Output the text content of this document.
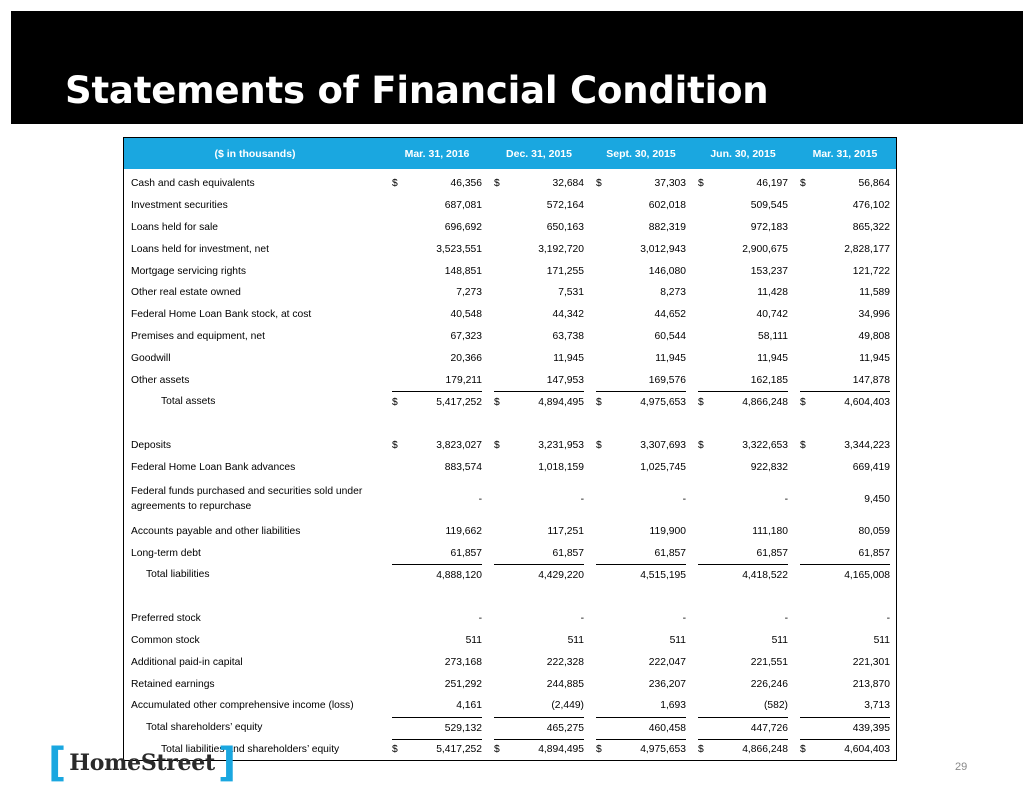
Statements of Financial Condition
($ in thousands)	Mar. 31, 2016	Dec. 31, 2015	Sept. 30, 2015	Jun. 30, 2015	Mar. 31, 2015
Cash and cash equivalents	$ 46,356	$ 32,684	$ 37,303	$ 46,197	$ 56,864

Investment securities	687,081	572,164	602,018	509,545	476,102

Loans held for sale	696,692	650,163	882,319	972,183	865,322

Loans held for investment, net	3,523,551	3,192,720	3,012,943	2,900,675	2,828,177

Mortgage servicing rights	148,851	171,255	146,080	153,237	121,722

Other real estate owned	7,273	7,531	8,273	11,428	11,589

Federal Home Loan Bank stock, at cost	40,548	44,342	44,652	40,742	34,996

Premises and equipment, net	67,323	63,738	60,544	58,111	49,808

Goodwill	20,366	11,945	11,945	11,945	11,945

Other assets	179,211	147,953	169,576	162,185	147,878

Total assets	$ 5,417,252	$ 4,894,495	$ 4,975,653	$ 4,866,248	$ 4,604,403

Deposits	$ 3,823,027	$ 3,231,953	$ 3,307,693	$ 3,322,653	$ 3,344,223

Federal Home Loan Bank advances	883,574	1,018,159	1,025,745	922,832	669,419

Federal funds purchased and securities sold under agreements to repurchase	-	-	-	-	9,450

Accounts payable and other liabilities	119,662	117,251	119,900	111,180	80,059

Long-term debt	61,857	61,857	61,857	61,857	61,857

Total liabilities	4,888,120	4,429,220	4,515,195	4,418,522	4,165,008

Preferred stock	-	-	-	-	-

Common stock	511	511	511	511	511

Additional paid-in capital	273,168	222,328	222,047	221,551	221,301

Retained earnings	251,292	244,885	236,207	226,246	213,870

Accumulated other comprehensive income (loss)	4,161	(2,449)	1,693	(582)	3,713

Total shareholders’ equity	529,132	465,275	460,458	447,726	439,395

Total liabilities and shareholders’ equity	$ 5,417,252	$ 4,894,495	$ 4,975,653	$ 4,866,248	$ 4,604,403
[ HomeStreet ]	29
